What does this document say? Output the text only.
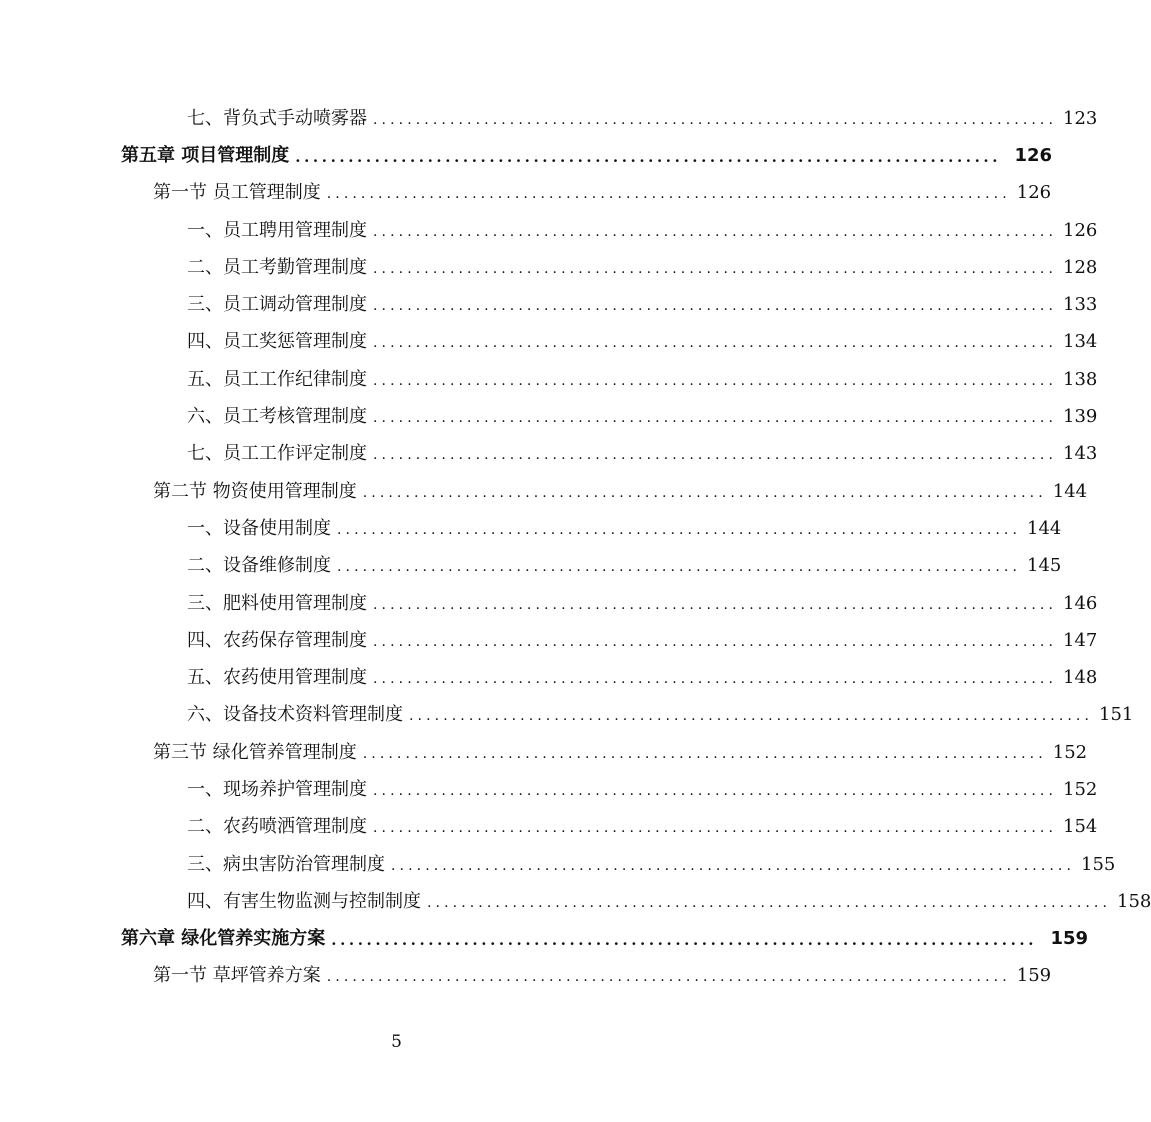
七、背负式手动喷雾器 ................................................................................ 123
第五章 项目管理制度 ................................................................................ 126
第一节 员工管理制度 ................................................................................ 126
一、员工聘用管理制度 ................................................................................ 126
二、员工考勤管理制度 ................................................................................ 128
三、员工调动管理制度 ................................................................................ 133
四、员工奖惩管理制度 ................................................................................ 134
五、员工工作纪律制度 ................................................................................ 138
六、员工考核管理制度 ................................................................................ 139
七、员工工作评定制度 ................................................................................ 143
第二节 物资使用管理制度 ................................................................................ 144
一、设备使用制度 ................................................................................ 144
二、设备维修制度 ................................................................................ 145
三、肥料使用管理制度 ................................................................................ 146
四、农药保存管理制度 ................................................................................ 147
五、农药使用管理制度 ................................................................................ 148
六、设备技术资料管理制度 ................................................................................ 151
第三节 绿化管养管理制度 ................................................................................ 152
一、现场养护管理制度 ................................................................................ 152
二、农药喷洒管理制度 ................................................................................ 154
三、病虫害防治管理制度 ................................................................................ 155
四、有害生物监测与控制制度 ................................................................................ 158
第六章 绿化管养实施方案 ................................................................................ 159
第一节 草坪管养方案 ................................................................................ 159
5
